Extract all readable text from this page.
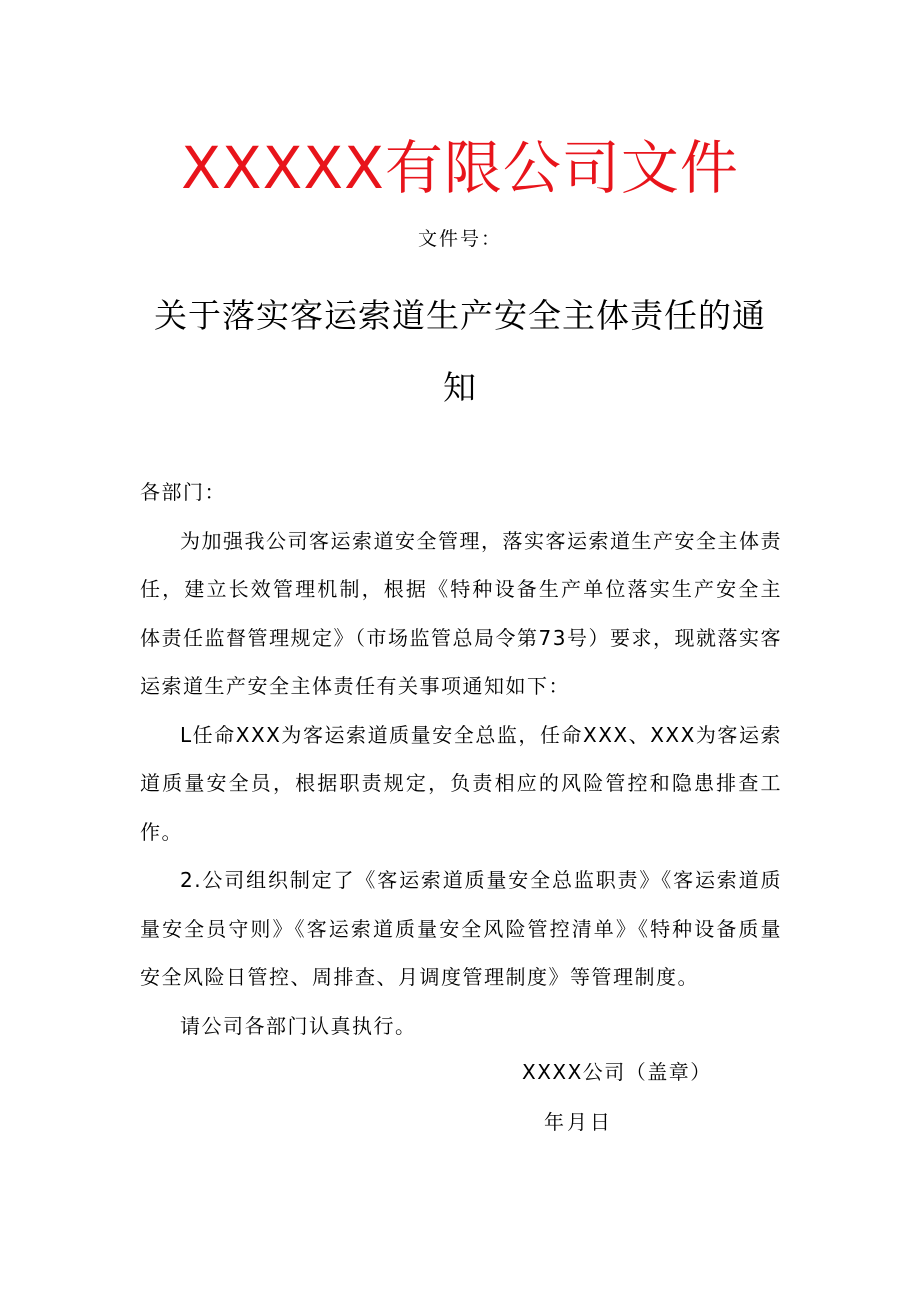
XXXXX有限公司文件
文件号：
关于落实客运索道生产安全主体责任的通
知

各部门：

为加强我公司客运索道安全管理，落实客运索道生产安全主体责任，建立长效管理机制，根据《特种设备生产单位落实生产安全主体责任监督管理规定》（市场监管总局令第73号）要求，现就落实客运索道生产安全主体责任有关事项通知如下：

L任命XXX为客运索道质量安全总监，任命XXX、XXX为客运索道质量安全员，根据职责规定，负责相应的风险管控和隐患排查工作。

2.公司组织制定了《客运索道质量安全总监职责》《客运索道质量安全员守则》《客运索道质量安全风险管控清单》《特种设备质量安全风险日管控、周排查、月调度管理制度》等管理制度。

请公司各部门认真执行。

XXXX公司（盖章）
年月日
